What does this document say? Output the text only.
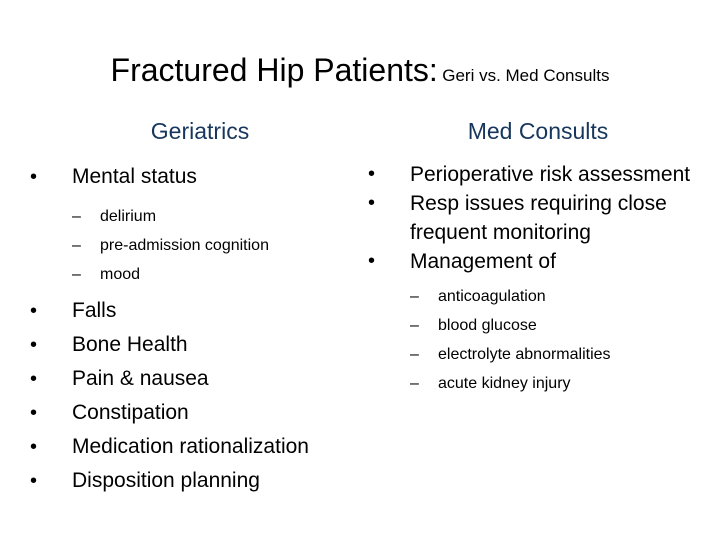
Fractured Hip Patients: Geri vs. Med Consults
Geriatrics	Med Consults
•	Mental status
– delirium
– pre-admission cognition
– mood
•	Falls
•	Bone Health
•	Pain & nausea
•	Constipation
•	Medication rationalization
•	Disposition planning
•	Perioperative risk assessment
•	Resp issues requiring close frequent monitoring
•	Management of
– anticoagulation
– blood glucose
– electrolyte abnormalities
– acute kidney injury
